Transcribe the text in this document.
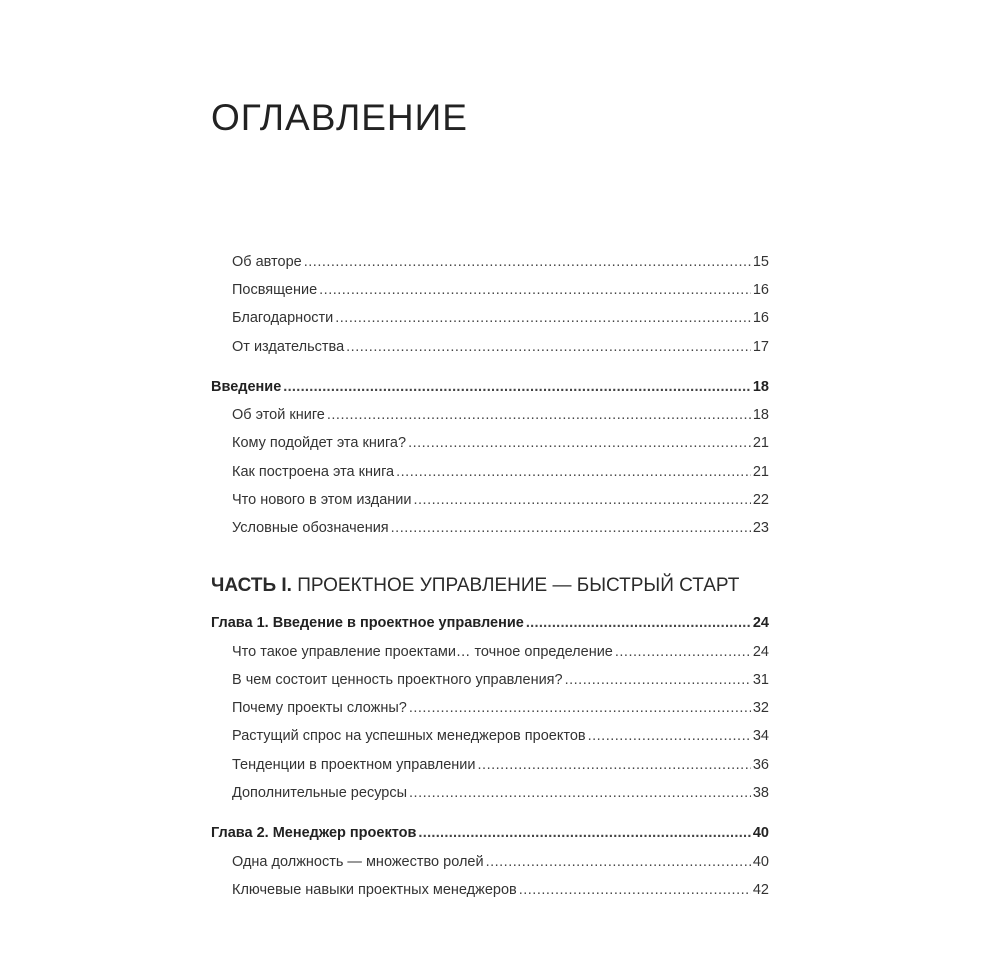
ОГЛАВЛЕНИЕ
Об авторе .....	15
Посвящение .....	16
Благодарности .....	16
От издательства .....	17
Введение .....	18
Об этой книге .....	18
Кому подойдет эта книга? .....	21
Как построена эта книга .....	21
Что нового в этом издании .....	22
Условные обозначения .....	23
ЧАСТЬ I. ПРОЕКТНОЕ УПРАВЛЕНИЕ — БЫСТРЫЙ СТАРТ
Глава 1. Введение в проектное управление .....	24
Что такое управление проектами… точное определение .....	24
В чем состоит ценность проектного управления? .....	31
Почему проекты сложны? .....	32
Растущий спрос на успешных менеджеров проектов .....	34
Тенденции в проектном управлении .....	36
Дополнительные ресурсы .....	38
Глава 2. Менеджер проектов .....	40
Одна должность — множество ролей .....	40
Ключевые навыки проектных менеджеров .....	42
